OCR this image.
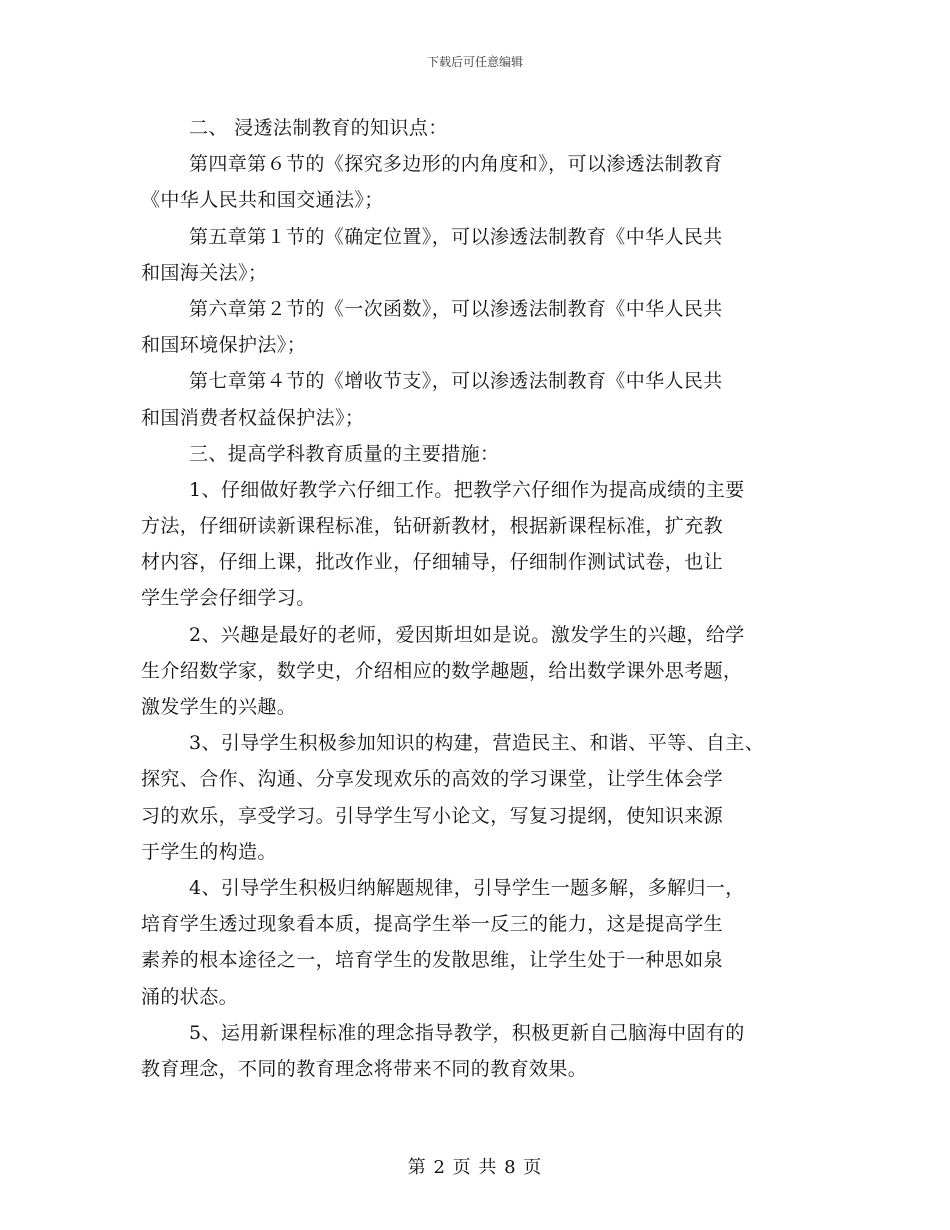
下载后可任意编辑
二、 浸透法制教育的知识点：
第四章第６节的《探究多边形的内角度和》，可以渗透法制教育
《中华人民共和国交通法》；
第五章第１节的《确定位置》，可以渗透法制教育《中华人民共
和国海关法》；
第六章第２节的《一次函数》，可以渗透法制教育《中华人民共
和国环境保护法》；
第七章第４节的《增收节支》，可以渗透法制教育《中华人民共
和国消费者权益保护法》；
三、提高学科教育质量的主要措施：
1、仔细做好教学六仔细工作。把教学六仔细作为提高成绩的主要
方法，仔细研读新课程标准，钻研新教材，根据新课程标准，扩充教
材内容，仔细上课，批改作业，仔细辅导，仔细制作测试试卷，也让
学生学会仔细学习。
2、兴趣是最好的老师，爱因斯坦如是说。激发学生的兴趣，给学
生介绍数学家，数学史，介绍相应的数学趣题，给出数学课外思考题，
激发学生的兴趣。
3、引导学生积极参加知识的构建，营造民主、和谐、平等、自主、
探究、合作、沟通、分享发现欢乐的高效的学习课堂，让学生体会学
习的欢乐，享受学习。引导学生写小论文，写复习提纲，使知识来源
于学生的构造。
4、引导学生积极归纳解题规律，引导学生一题多解，多解归一，
培育学生透过现象看本质，提高学生举一反三的能力，这是提高学生
素养的根本途径之一，培育学生的发散思维，让学生处于一种思如泉
涌的状态。
5、运用新课程标准的理念指导教学，积极更新自己脑海中固有的
教育理念，不同的教育理念将带来不同的教育效果。
第 2 页 共 8 页
